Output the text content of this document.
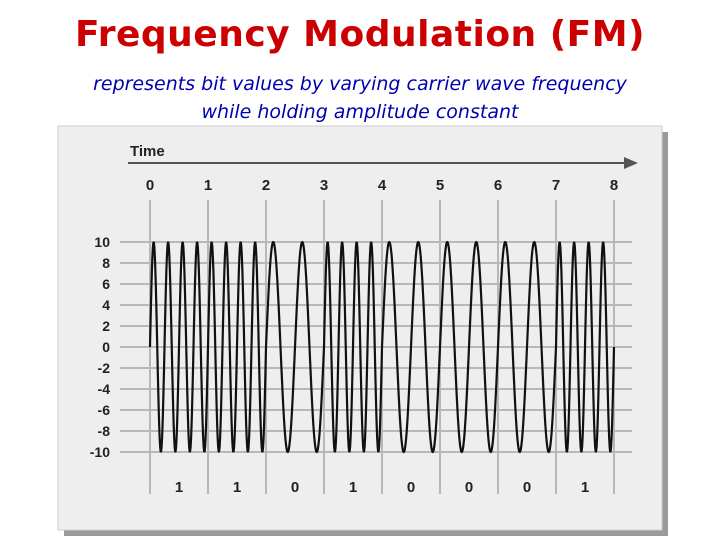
Frequency Modulation (FM)
represents bit values by varying carrier wave frequency
while holding amplitude constant
Time
0	1	2	3	4	5	6	7	8
10
8
6
4
2
0
-2
-4
-6
-8
-10
1	1	0	1	0	0	0	1
